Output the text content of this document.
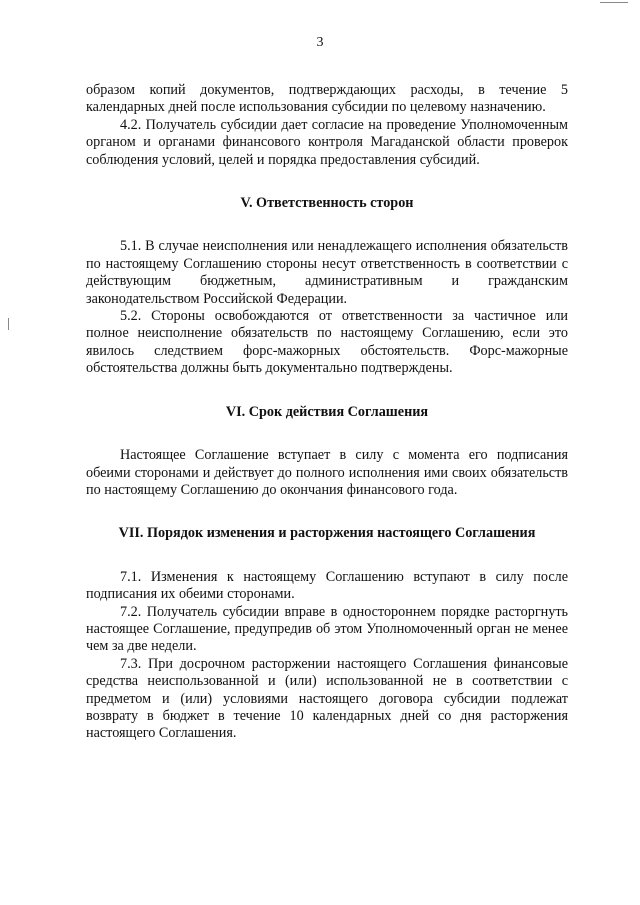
3

образом копий документов, подтверждающих расходы, в течение 5 календарных дней после использования субсидии по целевому назначению.

4.2. Получатель субсидии дает согласие на проведение Уполномоченным органом и органами финансового контроля Магаданской области проверок соблюдения условий, целей и порядка предоставления субсидий.

V. Ответственность сторон

5.1. В случае неисполнения или ненадлежащего исполнения обязательств по настоящему Соглашению стороны несут ответственность в соответствии с действующим бюджетным, административным и гражданским законодательством Российской Федерации.

5.2. Стороны освобождаются от ответственности за частичное или полное неисполнение обязательств по настоящему Соглашению, если это явилось следствием форс-мажорных обстоятельств. Форс-мажорные обстоятельства должны быть документально подтверждены.

VI. Срок действия Соглашения

Настоящее Соглашение вступает в силу с момента его подписания обеими сторонами и действует до полного исполнения ими своих обязательств по настоящему Соглашению до окончания финансового года.

VII. Порядок изменения и расторжения настоящего Соглашения

7.1. Изменения к настоящему Соглашению вступают в силу после подписания их обеими сторонами.

7.2. Получатель субсидии вправе в одностороннем порядке расторгнуть настоящее Соглашение, предупредив об этом Уполномоченный орган не менее чем за две недели.

7.3. При досрочном расторжении настоящего Соглашения финансовые средства неиспользованной и (или) использованной не в соответствии с предметом и (или) условиями настоящего договора субсидии подлежат возврату в бюджет в течение 10 календарных дней со дня расторжения настоящего Соглашения.
